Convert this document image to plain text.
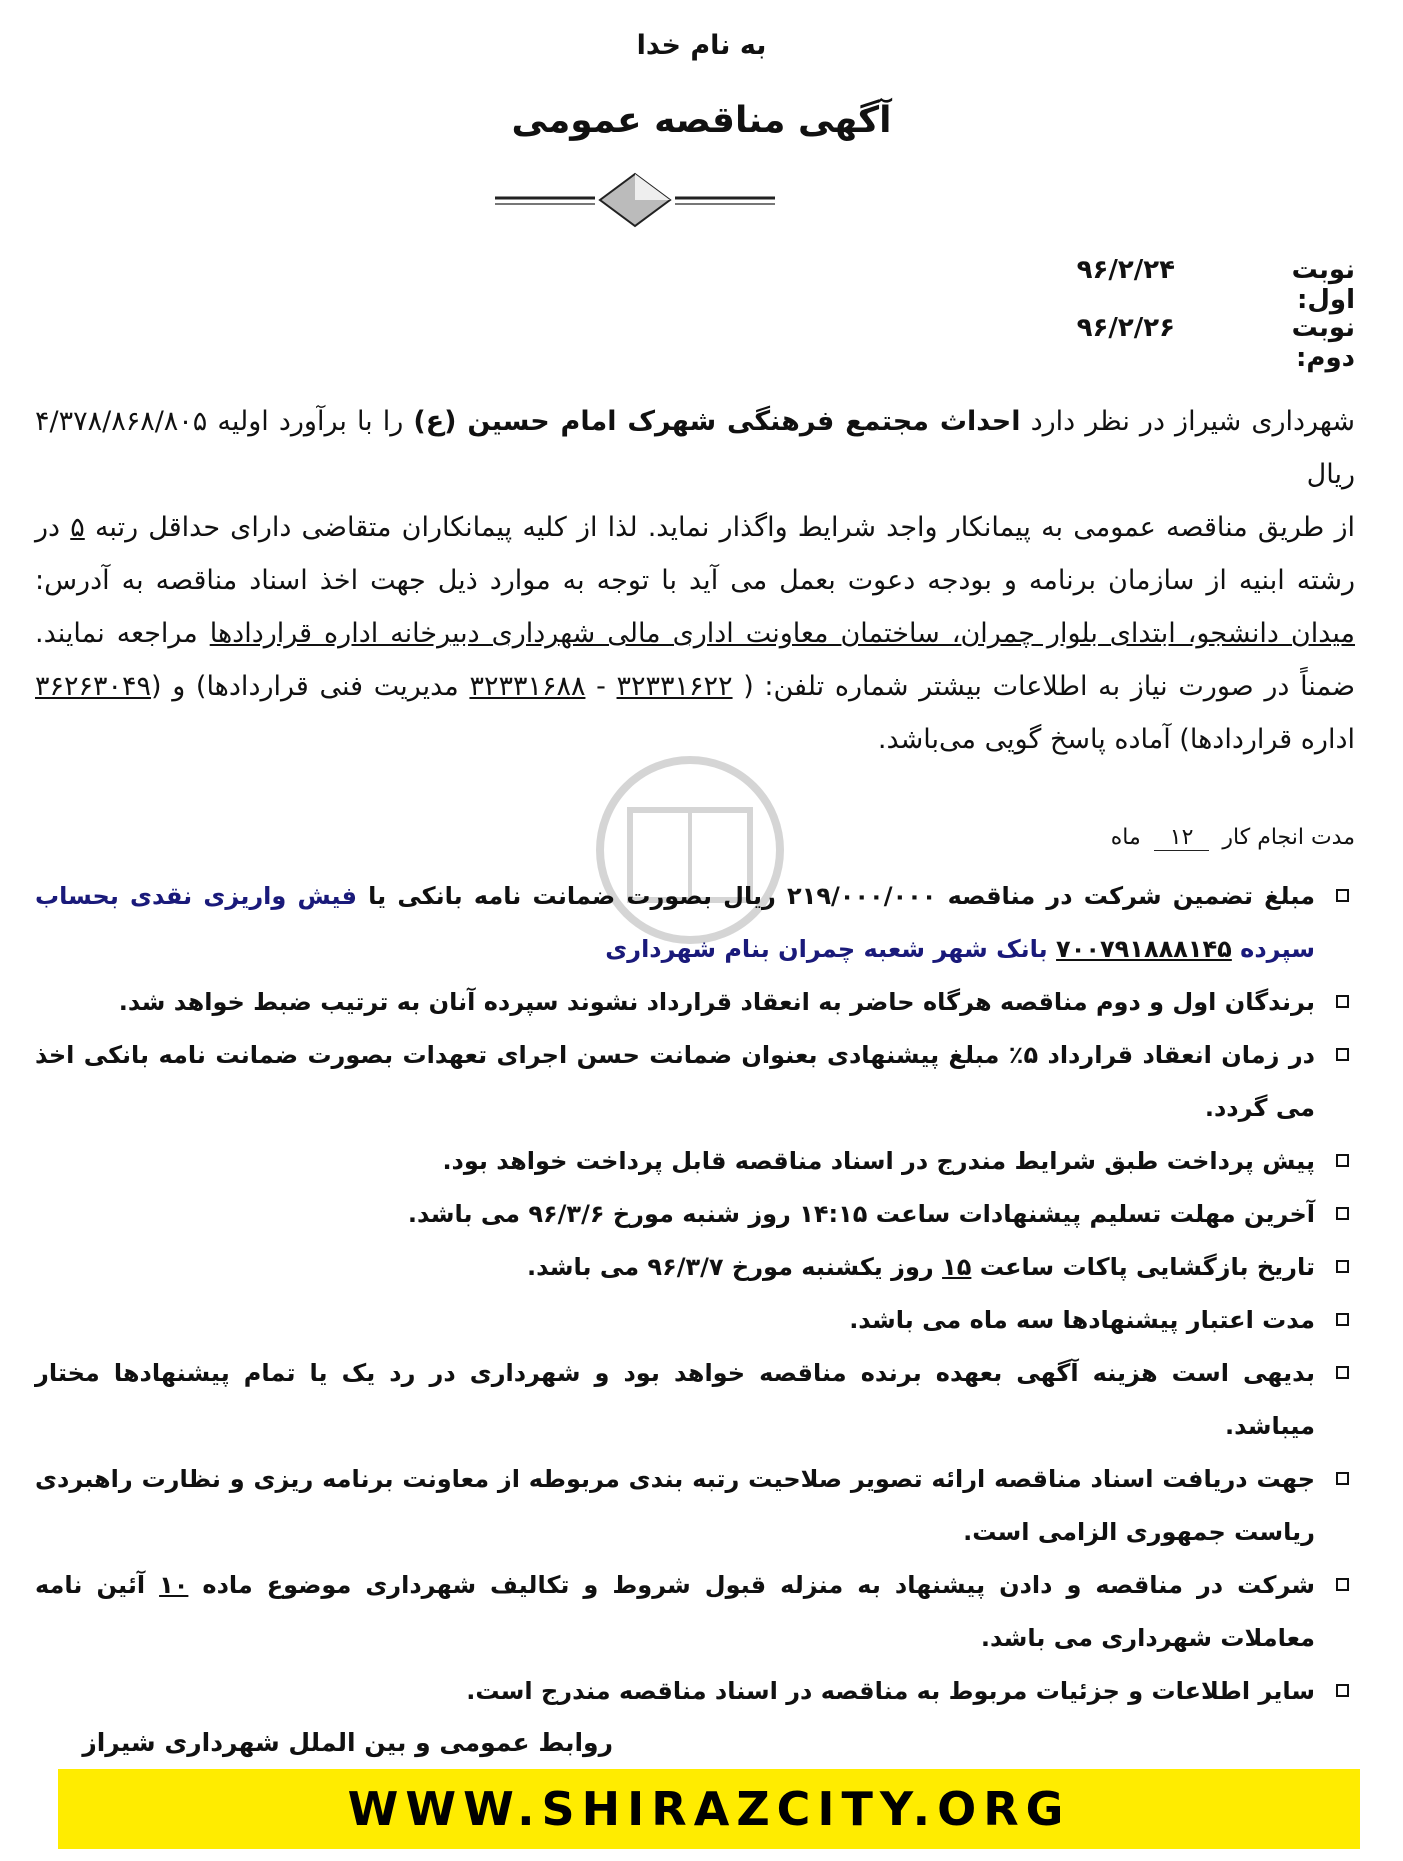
به نام خدا
آگهی مناقصه عمومی
نوبت اول:
۹۶/۲/۲۴
نوبت دوم:
۹۶/۲/۲۶
شهرداری شیراز در نظر دارد احداث مجتمع فرهنگی شهرک امام حسین (ع) را با برآورد اولیه ۴/۳۷۸/۸۶۸/۸۰۵ ریال
از طریق مناقصه عمومی به پیمانکار واجد شرایط واگذار نماید. لذا از کلیه پیمانکاران متقاضی دارای حداقل رتبه ۵ در رشته ابنیه از سازمان برنامه و بودجه دعوت بعمل می آید با توجه به موارد ذیل جهت اخذ اسناد مناقصه به آدرس: میدان دانشجو، ابتدای بلوار چمران، ساختمان معاونت اداری مالی شهرداری دبیرخانه اداره قراردادها مراجعه نمایند. ضمناً در صورت نیاز به اطلاعات بیشتر شماره تلفن: ( ۳۲۳۳۱۶۲۲ - ۳۲۳۳۱۶۸۸ مدیریت فنی قراردادها) و (۳۶۲۶۳۰۴۹ اداره قراردادها) آماده پاسخ گویی می‌باشد.
مدت انجام کار ۱۲ ماه
مبلغ تضمین شرکت در مناقصه ۲۱۹/۰۰۰/۰۰۰ ریال بصورت ضمانت نامه بانکی یا فیش واریزی نقدی بحساب سپرده ۷۰۰۷۹۱۸۸۸۱۴۵ بانک شهر شعبه چمران بنام شهرداری
برندگان اول و دوم مناقصه هرگاه حاضر به انعقاد قرارداد نشوند سپرده آنان به ترتیب ضبط خواهد شد.
در زمان انعقاد قرارداد ۵٪ مبلغ پیشنهادی بعنوان ضمانت حسن اجرای تعهدات بصورت ضمانت نامه بانکی اخذ می گردد.
پیش پرداخت طبق شرایط مندرج در اسناد مناقصه قابل پرداخت خواهد بود.
آخرین مهلت تسلیم پیشنهادات ساعت ۱۴:۱۵ روز شنبه مورخ ۹۶/۳/۶ می باشد.
تاریخ بازگشایی پاکات ساعت ۱۵ روز یکشنبه مورخ ۹۶/۳/۷ می باشد.
مدت اعتبار پیشنهادها سه ماه می باشد.
بدیهی است هزینه آگهی بعهده برنده مناقصه خواهد بود و شهرداری در رد یک یا تمام پیشنهادها مختار میباشد.
جهت دریافت اسناد مناقصه ارائه تصویر صلاحیت رتبه بندی مربوطه از معاونت برنامه ریزی و نظارت راهبردی ریاست جمهوری الزامی است.
شرکت در مناقصه و دادن پیشنهاد به منزله قبول شروط و تکالیف شهرداری موضوع ماده ۱۰ آئین نامه معاملات شهرداری می باشد.
سایر اطلاعات و جزئیات مربوط به مناقصه در اسناد مناقصه مندرج است.
روابط عمومی و بین الملل شهرداری شیراز
WWW.SHIRAZCITY.ORG
